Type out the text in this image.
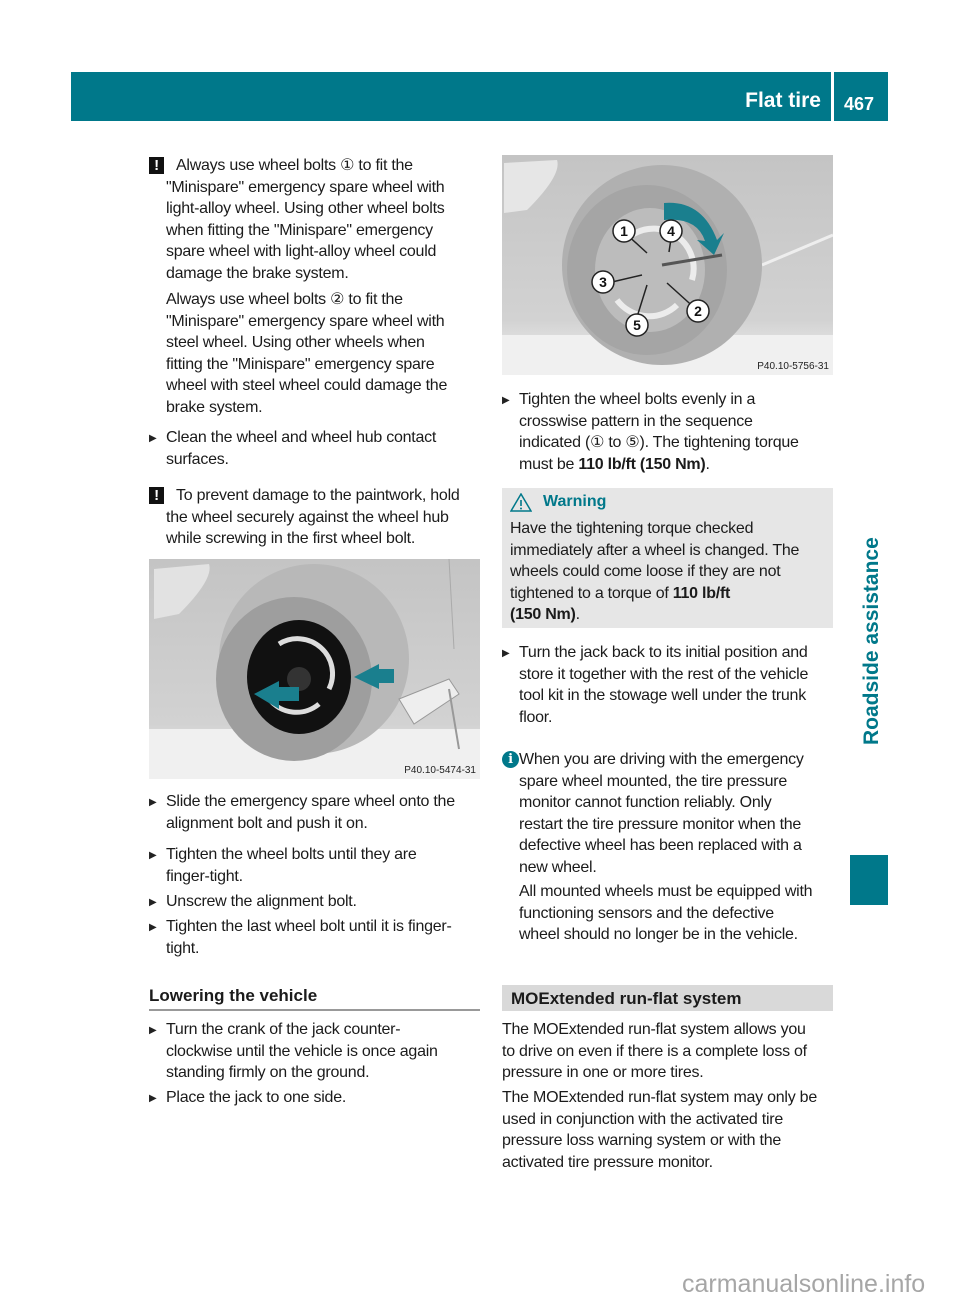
Flat tire 467
Roadside assistance
P40.10-5474-31
1
2
3
4
5
P40.10-5756-31
Lowering the vehicle
Warning
MOExtended run-flat system
!	Always use wheel bolts ① to fit the
"Minispare" emergency spare wheel with
light-alloy wheel. Using other wheel bolts
when fitting the "Minispare" emergency
spare wheel with light-alloy wheel could
damage the brake system.
Always use wheel bolts ② to fit the
"Minispare" emergency spare wheel with
steel wheel. Using other wheels when
fitting the "Minispare" emergency spare
wheel with steel wheel could damage the
brake system.
▶ Clean the wheel and wheel hub contact
surfaces.
!	To prevent damage to the paintwork, hold
the wheel securely against the wheel hub
while screwing in the first wheel bolt.
▶ Slide the emergency spare wheel onto the
alignment bolt and push it on.
▶ Tighten the wheel bolts until they are
finger-tight.
▶ Unscrew the alignment bolt.
▶ Tighten the last wheel bolt until it is finger-
tight.
▶ Turn the crank of the jack counter-
clockwise until the vehicle is once again
standing firmly on the ground.
▶ Place the jack to one side.
▶ Tighten the wheel bolts evenly in a
crosswise pattern in the sequence
indicated (① to ⑤). The tightening torque
must be 110 lb/ft (150 Nm).
Have the tightening torque checked
immediately after a wheel is changed. The
wheels could come loose if they are not
tightened to a torque of 110 lb/ft
(150 Nm).
▶ Turn the jack back to its initial position and
store it together with the rest of the vehicle
tool kit in the stowage well under the trunk
floor.
i When you are driving with the emergency
spare wheel mounted, the tire pressure
monitor cannot function reliably. Only
restart the tire pressure monitor when the
defective wheel has been replaced with a
new wheel.
All mounted wheels must be equipped with
functioning sensors and the defective
wheel should no longer be in the vehicle.
The MOExtended run-flat system allows you
to drive on even if there is a complete loss of
pressure in one or more tires.
The MOExtended run-flat system may only be
used in conjunction with the activated tire
pressure loss warning system or with the
activated tire pressure monitor.
carmanualsonline.info
